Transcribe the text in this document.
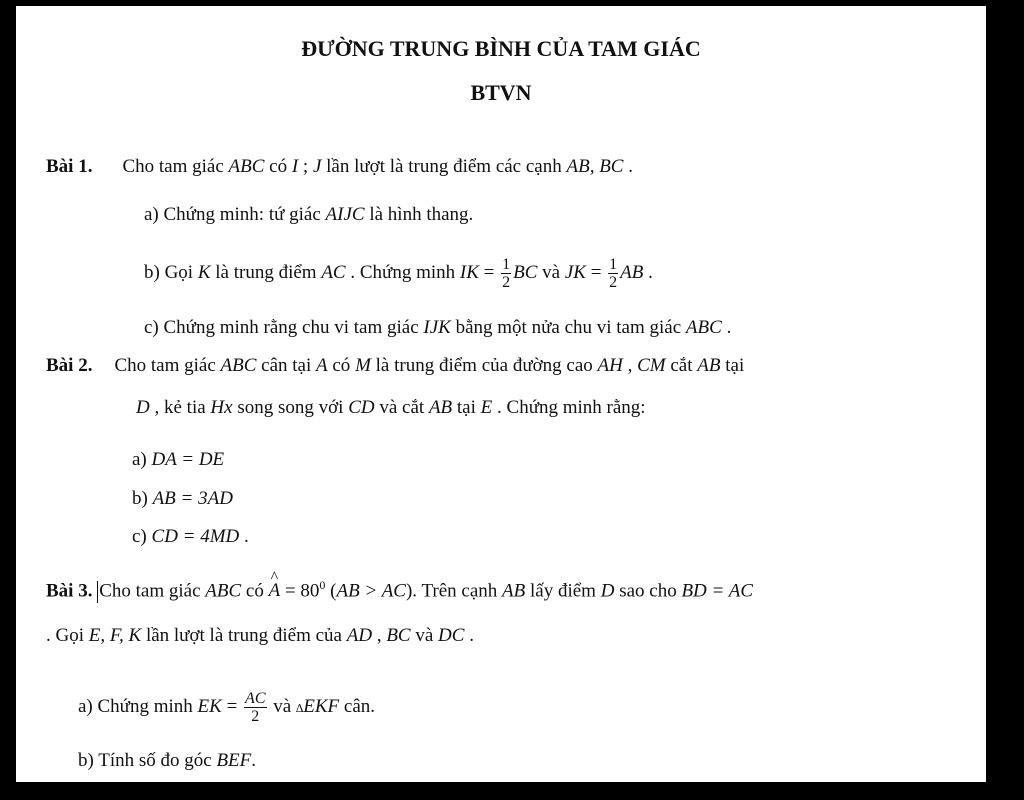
ĐƯỜNG TRUNG BÌNH CỦA TAM GIÁC
BTVN
Bài 1. Cho tam giác ABC có I ; J lần lượt là trung điểm các cạnh AB, BC .
a) Chứng minh: tứ giác AIJC là hình thang.
b) Gọi K là trung điểm AC . Chứng minh IK = $\frac{1}{2}$ BC và JK = $\frac{1}{2}$ AB .
c) Chứng minh rằng chu vi tam giác IJK bằng một nửa chu vi tam giác ABC .
Bài 2. Cho tam giác ABC cân tại A có M là trung điểm của đường cao AH , CM cắt AB tại
D , kẻ tia Hx song song với CD và cắt AB tại E . Chứng minh rằng:
a) DA = DE
b) AB = 3AD
c) CD = 4MD .
Bài 3. Cho tam giác ABC có ^ $A = 80^0$ (AB > AC). Trên cạnh AB lấy điểm D sao cho BD = AC
. Gọi E, F, K lần lượt là trung điểm của AD , BC và DC .
a) Chứng minh EK = $\frac{AC}{2}$ và ∆EKF cân.
b) Tính số đo góc BEF.
